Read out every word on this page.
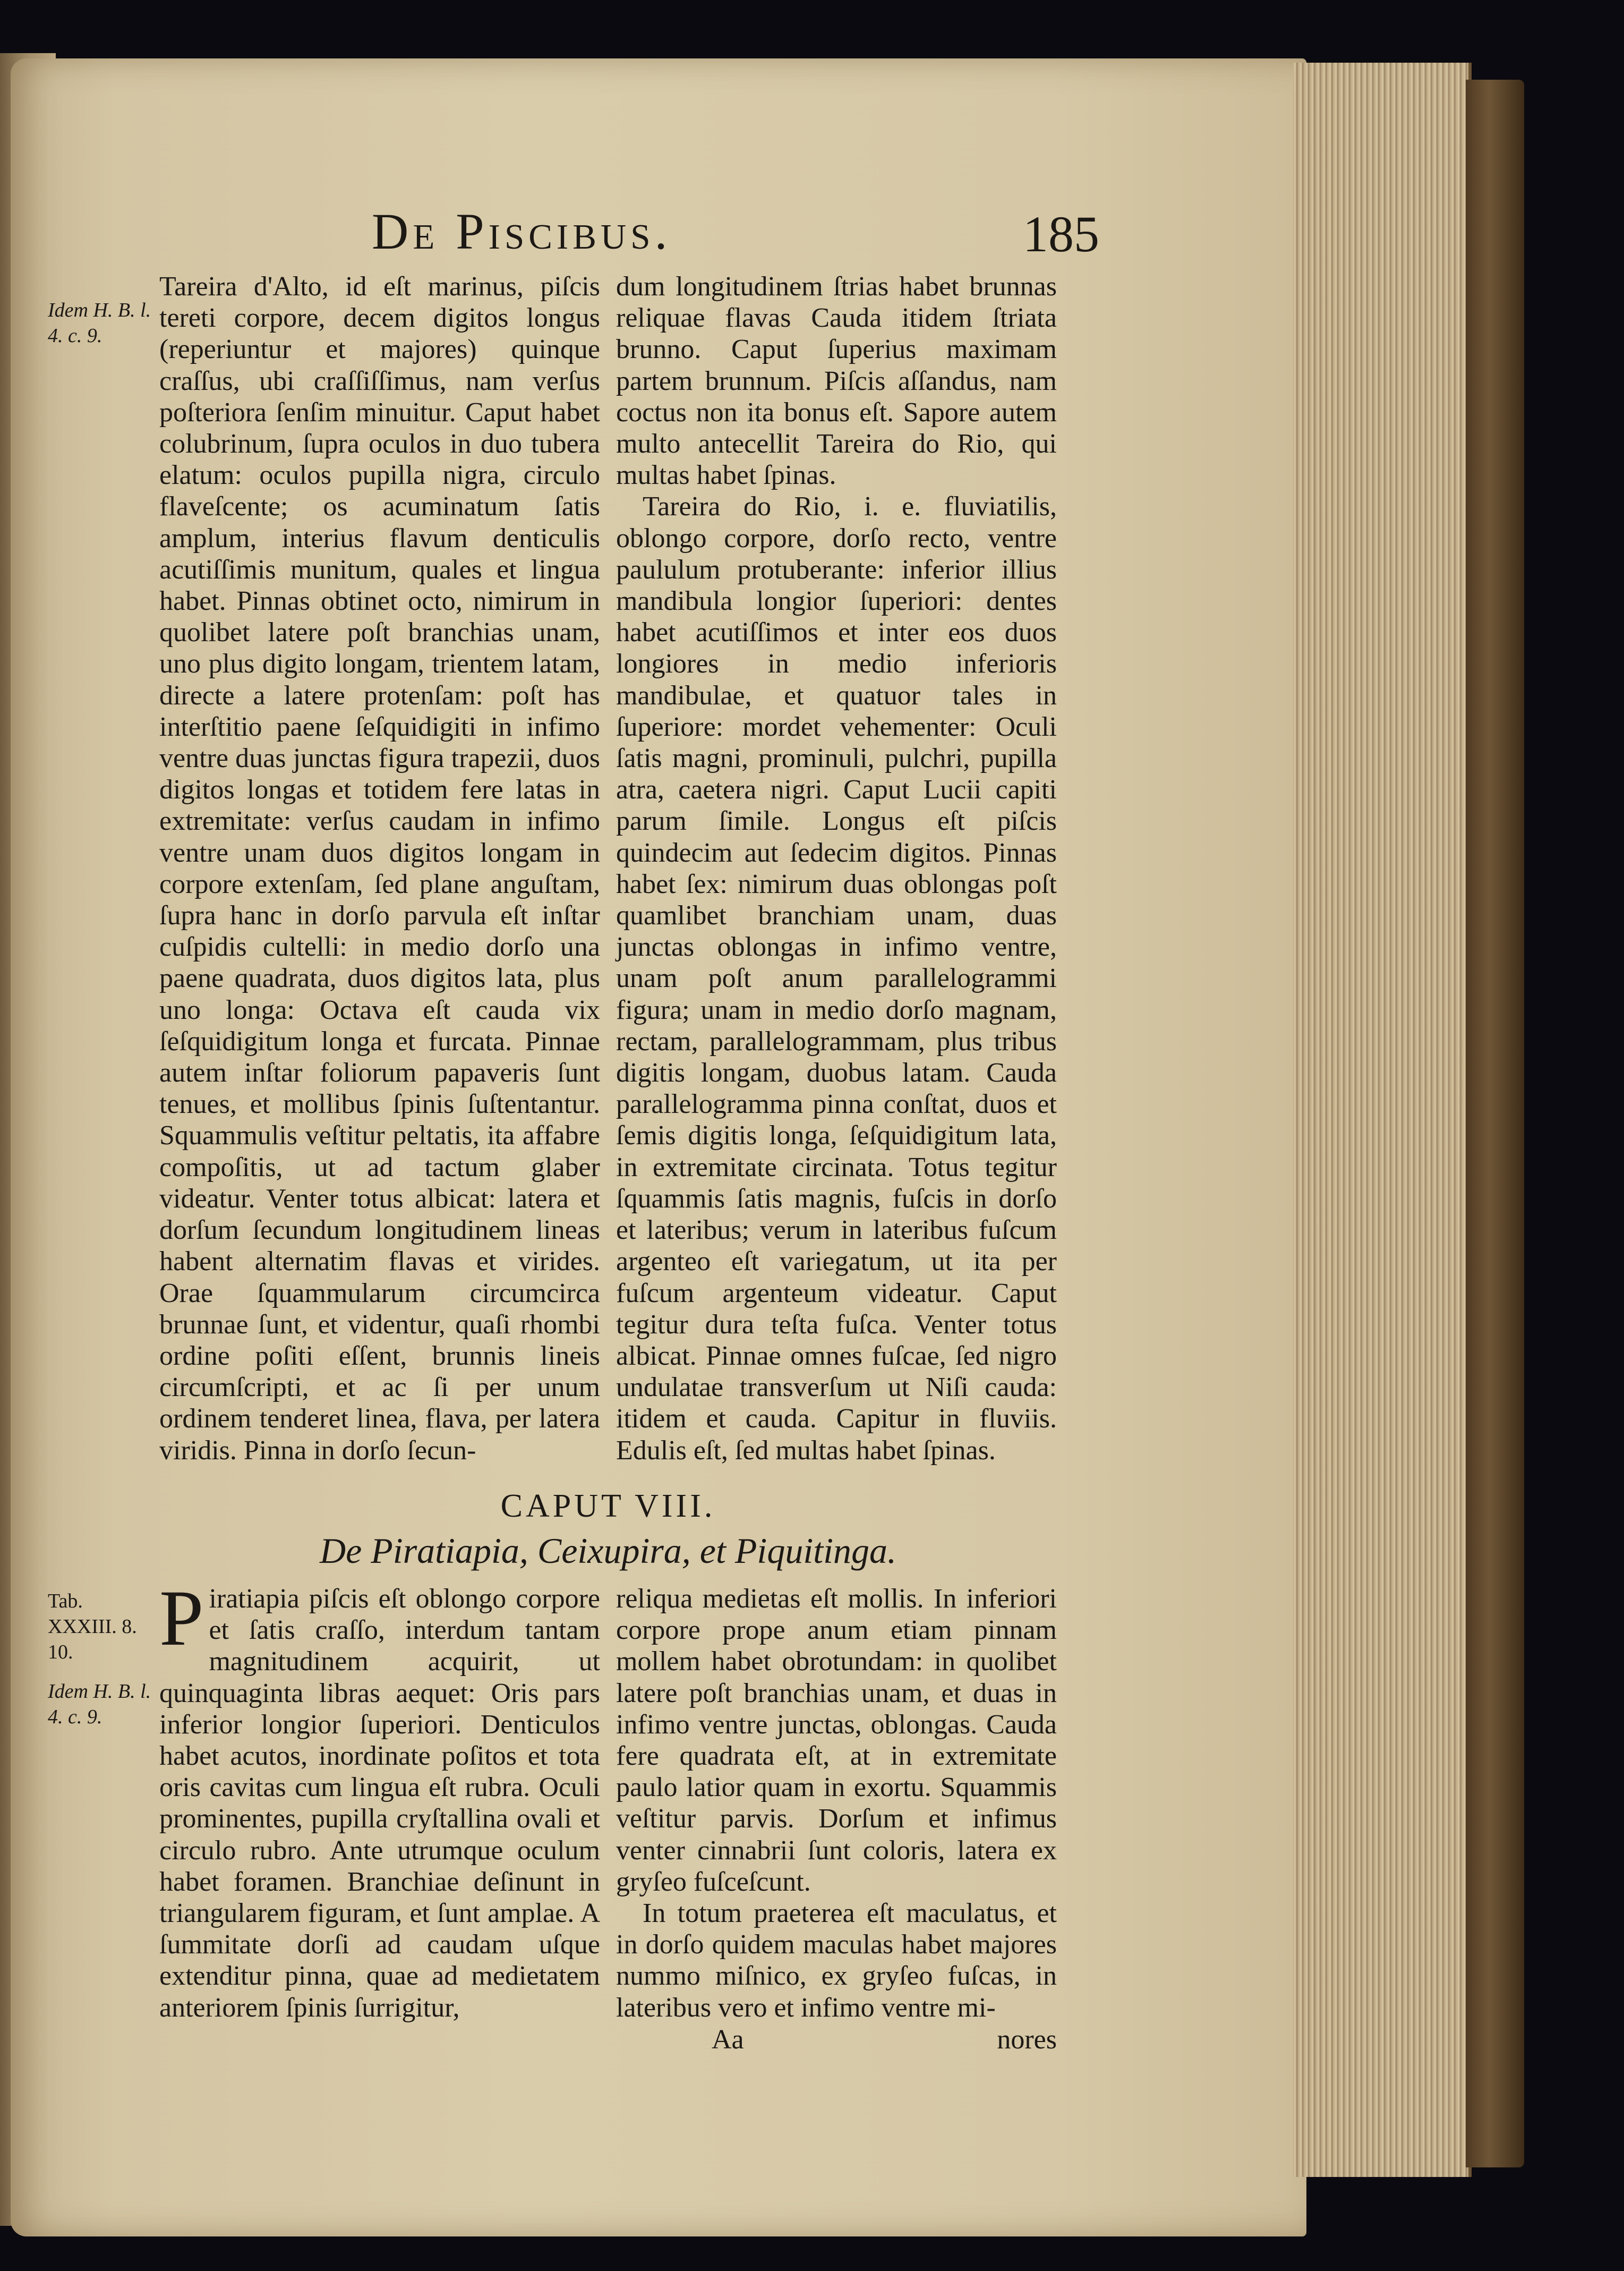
De Piscibus.	185
Idem H. B. l. 4. c. 9.
Tab. XXXIII. 8. 10.
Idem H. B. l. 4. c. 9.

Tareira d'Alto, id eſt marinus, piſcis tereti corpore, decem digitos longus (reperiuntur et majores) quinque craſſus, ubi craſſiſſimus, nam verſus poſteriora ſenſim minuitur. Caput habet colubrinum, ſupra oculos in duo tubera elatum: oculos pupilla nigra, circulo flaveſcente; os acuminatum ſatis amplum, interius flavum denticulis acutiſſimis munitum, quales et lingua habet. Pinnas obtinet octo, nimirum in quolibet latere poſt branchias unam, uno plus digito longam, trientem latam, directe a latere protenſam: poſt has interſtitio paene ſeſquidigiti in infimo ventre duas junctas figura trapezii, duos digitos longas et totidem fere latas in extremitate: verſus caudam in infimo ventre unam duos digitos longam in corpore extenſam, ſed plane anguſtam, ſupra hanc in dorſo parvula eſt inſtar cuſpidis cultelli: in medio dorſo una paene quadrata, duos digitos lata, plus uno longa: Octava eſt cauda vix ſeſquidigitum longa et furcata. Pinnae autem inſtar foliorum papaveris ſunt tenues, et mollibus ſpinis ſuſtentantur. Squammulis veſtitur peltatis, ita affabre compoſitis, ut ad tactum glaber videatur. Venter totus albicat: latera et dorſum ſecundum longitudinem lineas habent alternatim flavas et virides. Orae ſquammularum circumcirca brunnae ſunt, et videntur, quaſi rhombi ordine poſiti eſſent, brunnis lineis circumſcripti, et ac ſi per unum ordinem tenderet linea, flava, per latera viridis. Pinna in dorſo ſecun-

dum longitudinem ſtrias habet brunnas reliquae flavas Cauda itidem ſtriata brunno. Caput ſuperius maximam partem brunnum. Piſcis aſſandus, nam coctus non ita bonus eſt. Sapore autem multo antecellit Tareira do Rio, qui multas habet ſpinas.

Tareira do Rio, i. e. fluviatilis, oblongo corpore, dorſo recto, ventre paululum protuberante: inferior illius mandibula longior ſuperiori: dentes habet acutiſſimos et inter eos duos longiores in medio inferioris mandibulae, et quatuor tales in ſuperiore: mordet vehementer: Oculi ſatis magni, prominuli, pulchri, pupilla atra, caetera nigri. Caput Lucii capiti parum ſimile. Longus eſt piſcis quindecim aut ſedecim digitos. Pinnas habet ſex: nimirum duas oblongas poſt quamlibet branchiam unam, duas junctas oblongas in infimo ventre, unam poſt anum parallelogrammi figura; unam in medio dorſo magnam, rectam, parallelogrammam, plus tribus digitis longam, duobus latam. Cauda parallelogramma pinna conſtat, duos et ſemis digitis longa, ſeſquidigitum lata, in extremitate circinata. Totus tegitur ſquammis ſatis magnis, fuſcis in dorſo et lateribus; verum in lateribus fuſcum argenteo eſt variegatum, ut ita per fuſcum argenteum videatur. Caput tegitur dura teſta fuſca. Venter totus albicat. Pinnae omnes fuſcae, ſed nigro undulatae transverſum ut Niſi cauda: itidem et cauda. Capitur in fluviis. Edulis eſt, ſed multas habet ſpinas.

CAPUT VIII.
De Piratiapia, Ceixupira, et Piquitinga.
P iratiapia piſcis eſt oblongo corpore et ſatis craſſo, interdum tantam magnitudinem acquirit, ut quinquaginta libras aequet: Oris pars inferior longior ſuperiori. Denticulos habet acutos, inordinate poſitos et tota oris cavitas cum lingua eſt rubra. Oculi prominentes, pupilla cryſtallina ovali et circulo rubro. Ante utrumque oculum habet foramen. Branchiae deſinunt in triangularem figuram, et ſunt amplae. A ſummitate dorſi ad caudam uſque extenditur pinna, quae ad medietatem anteriorem ſpinis ſurrigitur,

reliqua medietas eſt mollis. In inferiori corpore prope anum etiam pinnam mollem habet obrotundam: in quolibet latere poſt branchias unam, et duas in infimo ventre junctas, oblongas. Cauda fere quadrata eſt, at in extremitate paulo latior quam in exortu. Squammis veſtitur parvis. Dorſum et infimus venter cinnabrii ſunt coloris, latera ex gryſeo fuſceſcunt.

In totum praeterea eſt maculatus, et in dorſo quidem maculas habet majores nummo miſnico, ex gryſeo fuſcas, in lateribus vero et infimo ventre mi-

Aa	nores
